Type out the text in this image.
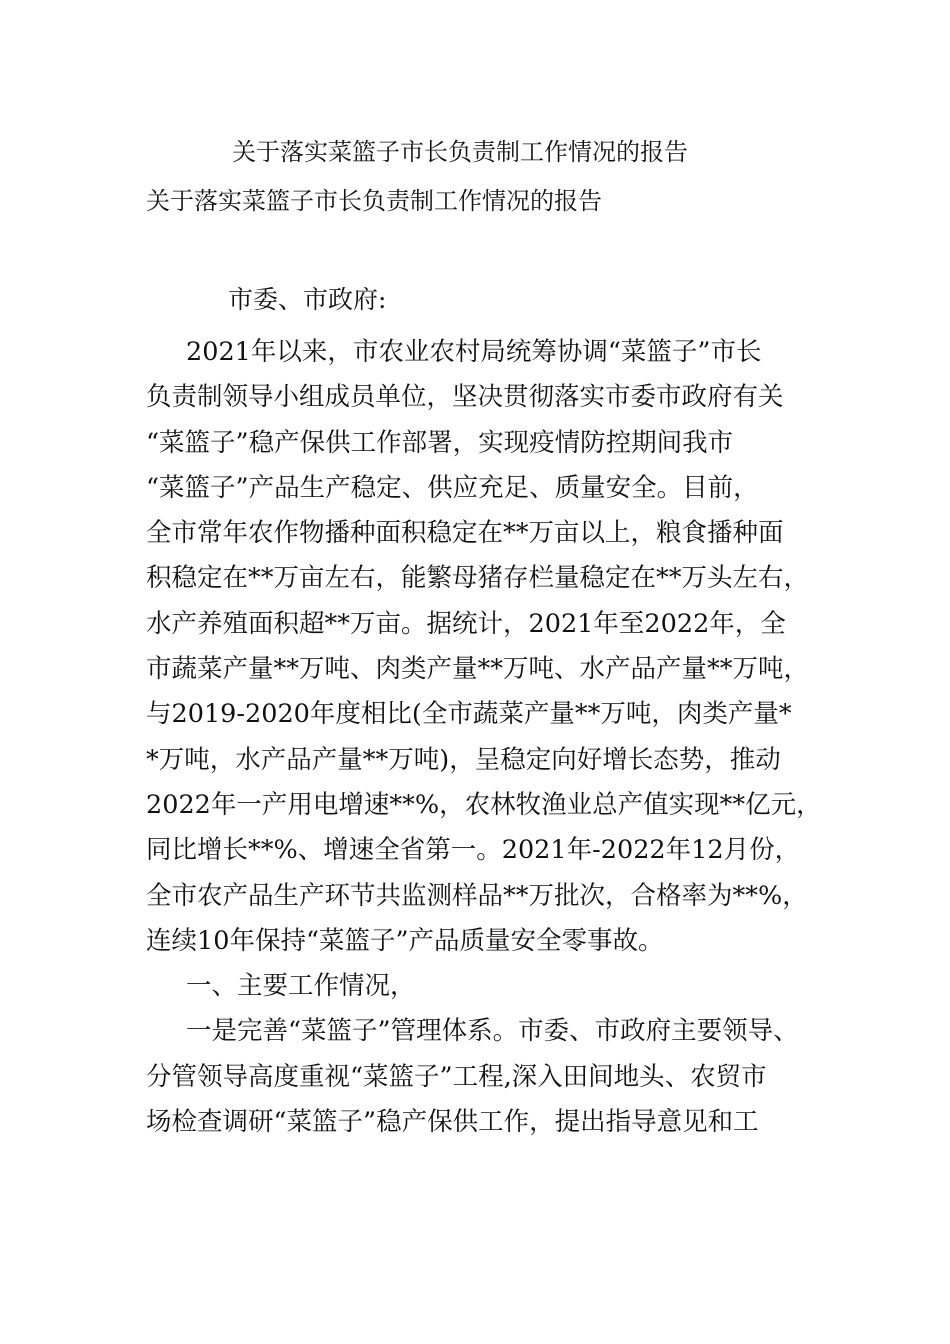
关于落实菜篮子市长负责制工作情况的报告
关于落实菜篮子市长负责制工作情况的报告
市委、市政府:
2021年以来，市农业农村局统筹协调“菜篮子”市长
负责制领导小组成员单位，坚决贯彻落实市委市政府有关
“菜篮子”稳产保供工作部署，实现疫情防控期间我市
“菜篮子”产品生产稳定、供应充足、质量安全。目前，
全市常年农作物播种面积稳定在**万亩以上，粮食播种面
积稳定在**万亩左右，能繁母猪存栏量稳定在**万头左右，
水产养殖面积超**万亩。据统计，2021年至2022年，全
市蔬菜产量**万吨、肉类产量**万吨、水产品产量**万吨，
与2019-2020年度相比(全市蔬菜产量**万吨，肉类产量*
*万吨，水产品产量**万吨)，呈稳定向好增长态势，推动
2022年一产用电增速**%，农林牧渔业总产值实现**亿元，
同比增长**%、增速全省第一。2021年-2022年12月份，
全市农产品生产环节共监测样品**万批次，合格率为**%，
连续10年保持“菜篮子”产品质量安全零事故。
一、主要工作情况，
一是完善“菜篮子”管理体系。市委、市政府主要领导、
分管领导高度重视“菜篮子”工程,深入田间地头、农贸市
场检查调研“菜篮子”稳产保供工作，提出指导意见和工
